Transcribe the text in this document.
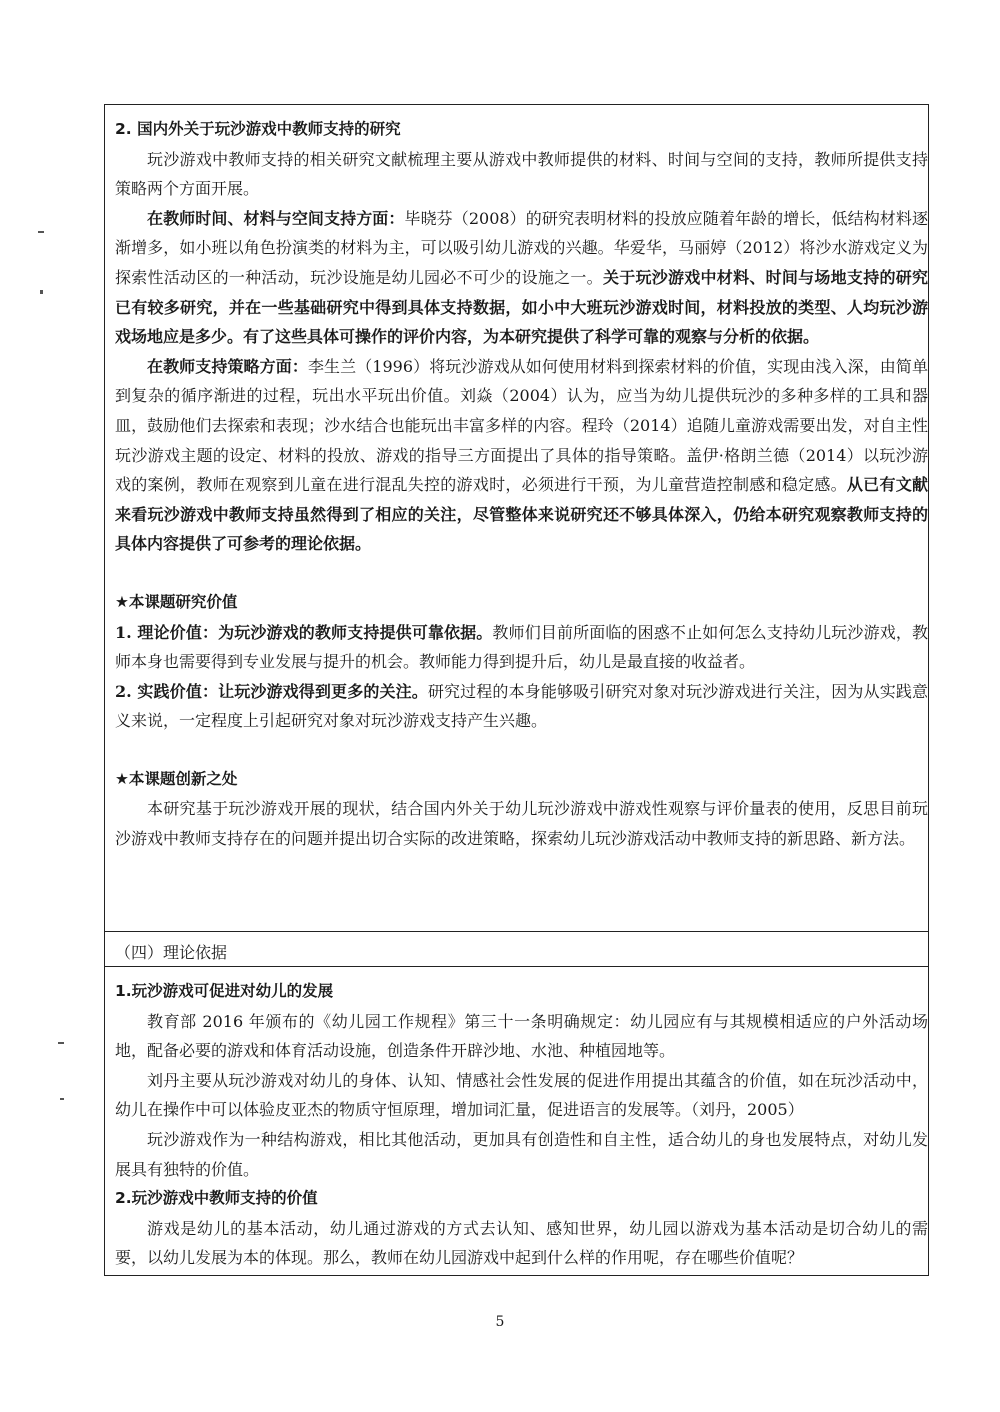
2. 国内外关于玩沙游戏中教师支持的研究

玩沙游戏中教师支持的相关研究文献梳理主要从游戏中教师提供的材料、时间与空间的支持，教师所提供支持策略两个方面开展。

在教师时间、材料与空间支持方面：毕晓芬（2008）的研究表明材料的投放应随着年龄的增长，低结构材料逐渐增多，如小班以角色扮演类的材料为主，可以吸引幼儿游戏的兴趣。华爱华，马丽婷（2012）将沙水游戏定义为探索性活动区的一种活动，玩沙设施是幼儿园必不可少的设施之一。关于玩沙游戏中材料、时间与场地支持的研究已有较多研究，并在一些基础研究中得到具体支持数据，如小中大班玩沙游戏时间，材料投放的类型、人均玩沙游戏场地应是多少。有了这些具体可操作的评价内容，为本研究提供了科学可靠的观察与分析的依据。

在教师支持策略方面：李生兰（1996）将玩沙游戏从如何使用材料到探索材料的价值，实现由浅入深，由简单到复杂的循序渐进的过程，玩出水平玩出价值。刘焱（2004）认为，应当为幼儿提供玩沙的多种多样的工具和器皿，鼓励他们去探索和表现；沙水结合也能玩出丰富多样的内容。程玲（2014）追随儿童游戏需要出发，对自主性玩沙游戏主题的设定、材料的投放、游戏的指导三方面提出了具体的指导策略。盖伊·格朗兰德（2014）以玩沙游戏的案例，教师在观察到儿童在进行混乱失控的游戏时，必须进行干预，为儿童营造控制感和稳定感。从已有文献来看玩沙游戏中教师支持虽然得到了相应的关注，尽管整体来说研究还不够具体深入，仍给本研究观察教师支持的具体内容提供了可参考的理论依据。

★本课题研究价值

1. 理论价值：为玩沙游戏的教师支持提供可靠依据。教师们目前所面临的困惑不止如何怎么支持幼儿玩沙游戏，教师本身也需要得到专业发展与提升的机会。教师能力得到提升后，幼儿是最直接的收益者。

2. 实践价值：让玩沙游戏得到更多的关注。研究过程的本身能够吸引研究对象对玩沙游戏进行关注，因为从实践意义来说，一定程度上引起研究对象对玩沙游戏支持产生兴趣。

★本课题创新之处

本研究基于玩沙游戏开展的现状，结合国内外关于幼儿玩沙游戏中游戏性观察与评价量表的使用，反思目前玩沙游戏中教师支持存在的问题并提出切合实际的改进策略，探索幼儿玩沙游戏活动中教师支持的新思路、新方法。

（四）理论依据

1.玩沙游戏可促进对幼儿的发展

教育部 2016 年颁布的《幼儿园工作规程》第三十一条明确规定：幼儿园应有与其规模相适应的户外活动场地，配备必要的游戏和体育活动设施，创造条件开辟沙地、水池、种植园地等。

刘丹主要从玩沙游戏对幼儿的身体、认知、情感社会性发展的促进作用提出其蕴含的价值，如在玩沙活动中，幼儿在操作中可以体验皮亚杰的物质守恒原理，增加词汇量，促进语言的发展等。（刘丹，2005）

玩沙游戏作为一种结构游戏，相比其他活动，更加具有创造性和自主性，适合幼儿的身也发展特点，对幼儿发展具有独特的价值。

2.玩沙游戏中教师支持的价值

游戏是幼儿的基本活动，幼儿通过游戏的方式去认知、感知世界，幼儿园以游戏为基本活动是切合幼儿的需要，以幼儿发展为本的体现。那么，教师在幼儿园游戏中起到什么样的作用呢，存在哪些价值呢？

5
